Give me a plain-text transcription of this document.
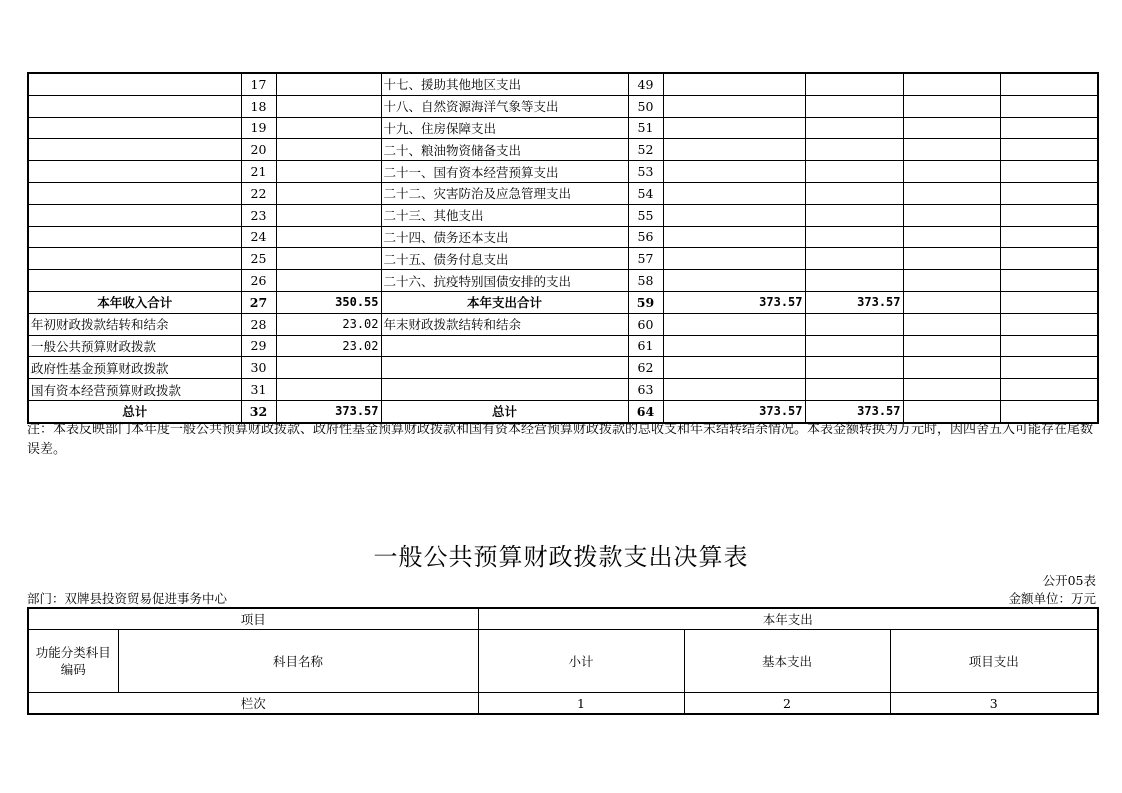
	17		十七、援助其他地区支出	49				
	18		十八、自然资源海洋气象等支出	50				
	19		十九、住房保障支出	51				
	20		二十、粮油物资储备支出	52				
	21		二十一、国有资本经营预算支出	53				
	22		二十二、灾害防治及应急管理支出	54				
	23		二十三、其他支出	55				
	24		二十四、债务还本支出	56				
	25		二十五、债务付息支出	57				
	26		二十六、抗疫特别国债安排的支出	58				
本年收入合计	27	350.55	本年支出合计	59	373.57	373.57		
年初财政拨款结转和结余	28	23.02	年末财政拨款结转和结余	60				
一般公共预算财政拨款	29	23.02		61				
政府性基金预算财政拨款	30			62				
国有资本经营预算财政拨款	31			63				
总计	32	373.57	总计	64	373.57	373.57		
注：本表反映部门本年度一般公共预算财政拨款、政府性基金预算财政拨款和国有资本经营预算财政拨款的总收支和年末结转结余情况。本表金额转换为万元时，因四舍五入可能存在尾数误差。
一般公共预算财政拨款支出决算表
公开05表
部门：双牌县投资贸易促进事务中心	金额单位：万元
项目		本年支出		
功能分类科目编码	科目名称	小计	基本支出	项目支出
栏次		1	2	3
